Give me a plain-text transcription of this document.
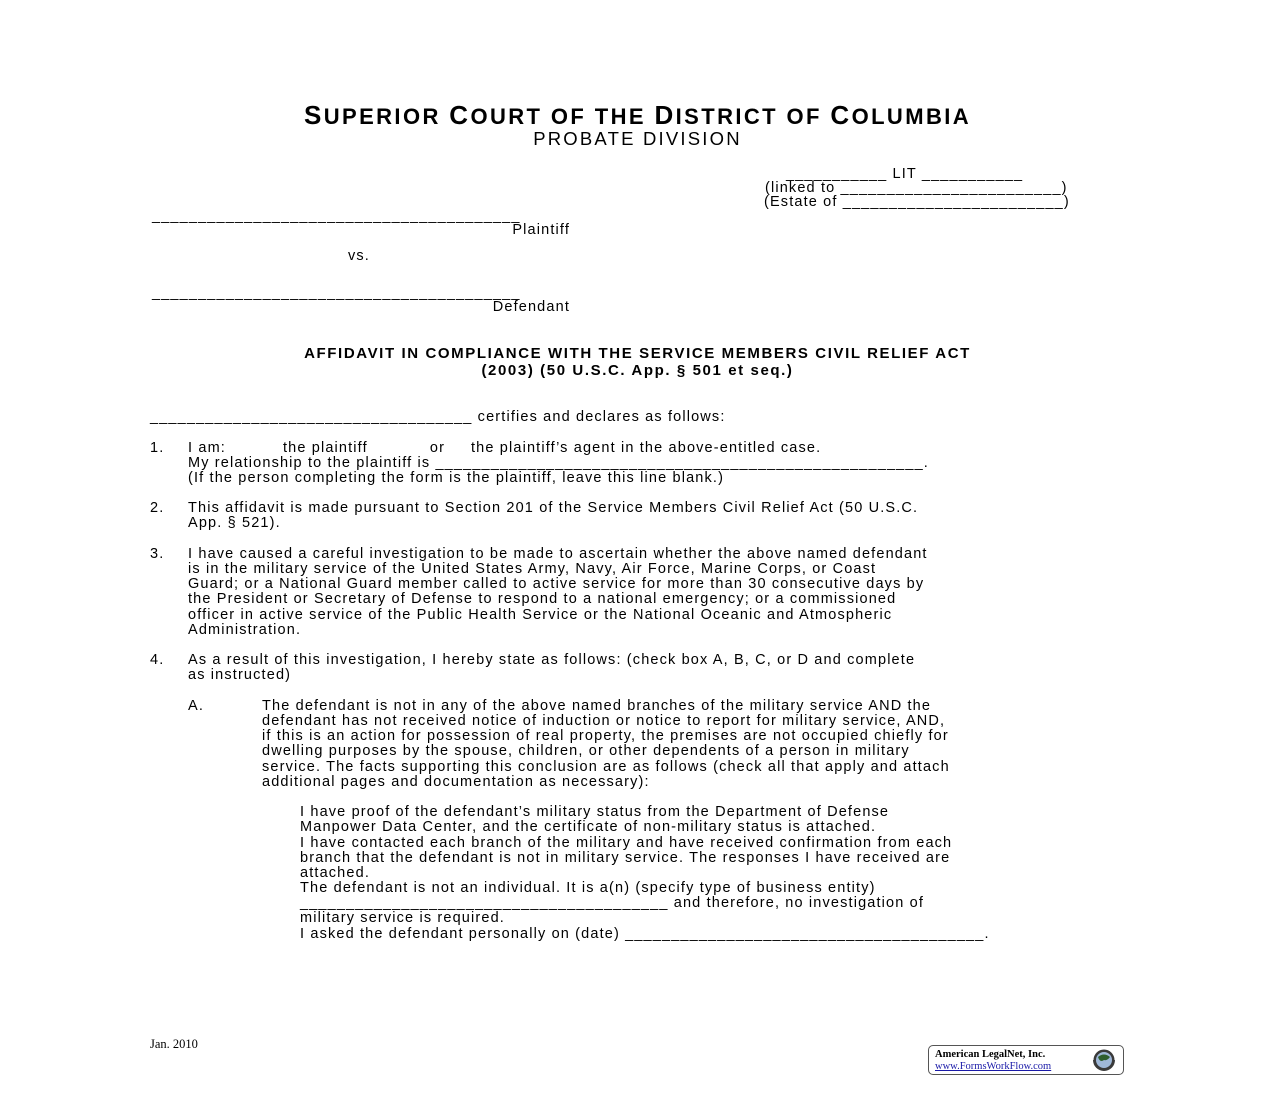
SUPERIOR COURT OF THE DISTRICT OF COLUMBIA
PROBATE DIVISION
___________ LIT ___________
(linked to ________________________)
(Estate of ________________________)
________________________________________
Plaintiff
vs.
________________________________________
Defendant
AFFIDAVIT IN COMPLIANCE WITH THE SERVICE MEMBERS CIVIL RELIEF ACT
(2003) (50 U.S.C. App. § 501 et seq.)
___________________________________ certifies and declares as follows:
1. I am:           the plaintiff            or     the plaintiff’s agent in the above-entitled case.
My relationship to the plaintiff is _____________________________________________________.
(If the person completing the form is the plaintiff, leave this line blank.)
2. This affidavit is made pursuant to Section 201 of the Service Members Civil Relief Act (50 U.S.C.
App. § 521).
3. I have caused a careful investigation to be made to ascertain whether the above named defendant
is in the military service of the United States Army, Navy, Air Force, Marine Corps, or Coast
Guard; or a National Guard member called to active service for more than 30 consecutive days by
the President or Secretary of Defense to respond to a national emergency; or a commissioned
officer in active service of the Public Health Service or the National Oceanic and Atmospheric
Administration.
4. As a result of this investigation, I hereby state as follows: (check box A, B, C, or D and complete
as instructed)
A.	The defendant is not in any of the above named branches of the military service AND the
defendant has not received notice of induction or notice to report for military service, AND,
if this is an action for possession of real property, the premises are not occupied chiefly for
dwelling purposes by the spouse, children, or other dependents of a person in military
service. The facts supporting this conclusion are as follows (check all that apply and attach
additional pages and documentation as necessary):
I have proof of the defendant’s military status from the Department of Defense
Manpower Data Center, and the certificate of non-military status is attached.
I have contacted each branch of the military and have received confirmation from each
branch that the defendant is not in military service. The responses I have received are
attached.
The defendant is not an individual. It is a(n) (specify type of business entity)
________________________________________ and therefore, no investigation of
military service is required.
I asked the defendant personally on (date) _______________________________________.
Jan. 2010
American LegalNet, Inc.
www.FormsWorkFlow.com
